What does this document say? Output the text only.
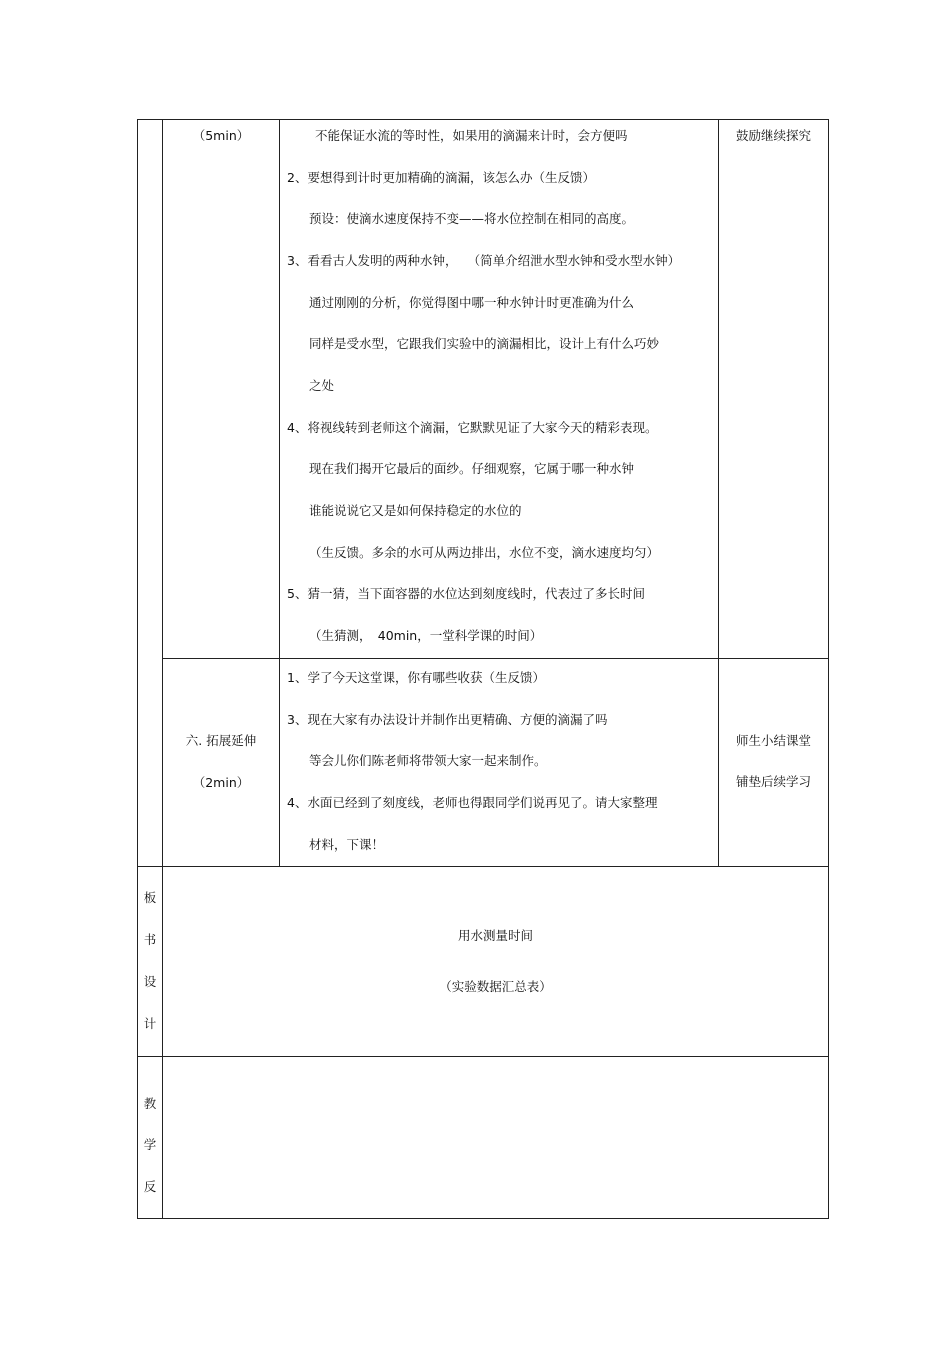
（5min）	不能保证水流的等时性，如果用的滴漏来计时，会方便吗
2、要想得到计时更加精确的滴漏，该怎么办（生反馈）
预设：使滴水速度保持不变——将水位控制在相同的高度。
3、看看古人发明的两种水钟，　 （简单介绍泄水型水钟和受水型水钟）
通过刚刚的分析，你觉得图中哪一种水钟计时更准确为什么
同样是受水型，它跟我们实验中的滴漏相比，设计上有什么巧妙
之处
4、将视线转到老师这个滴漏，它默默见证了大家今天的精彩表现。
现在我们揭开它最后的面纱。仔细观察，它属于哪一种水钟
谁能说说它又是如何保持稳定的水位的
（生反馈。多余的水可从两边排出，水位不变，滴水速度均匀）
5、猜一猜，当下面容器的水位达到刻度线时，代表过了多长时间
（生猜测，　40min，一堂科学课的时间）
鼓励继续探究
六. 拓展延伸
（2min）
1、学了今天这堂课，你有哪些收获（生反馈）
3、现在大家有办法设计并制作出更精确、方便的滴漏了吗
等会儿你们陈老师将带领大家一起来制作。
4、水面已经到了刻度线，老师也得跟同学们说再见了。请大家整理
材料，下课！
师生小结课堂
铺垫后续学习
板
书
设
计
用水测量时间
（实验数据汇总表）
教
学
反
